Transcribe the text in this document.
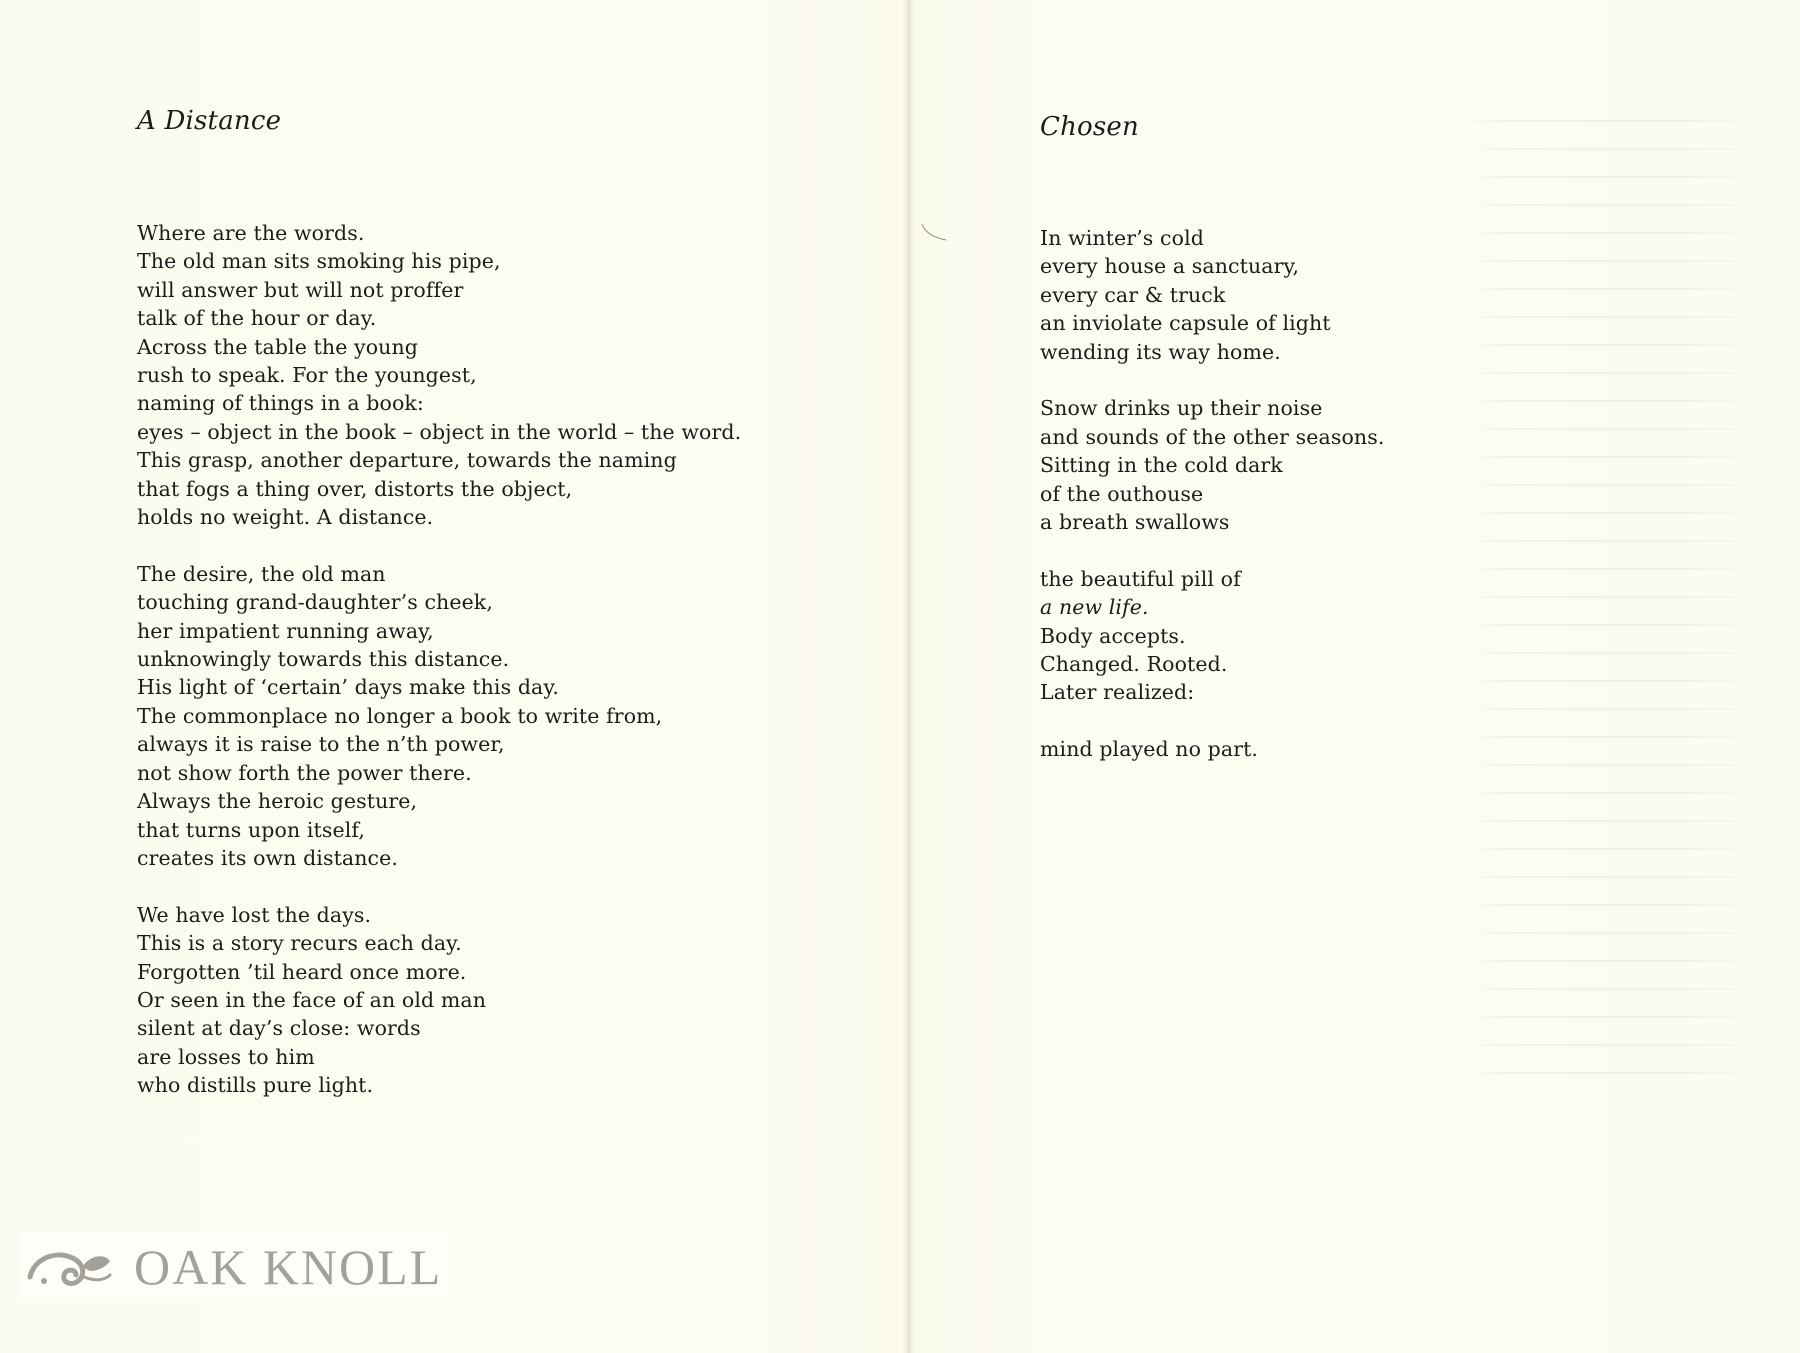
A Distance
Where are the words.
The old man sits smoking his pipe,
will answer but will not proffer
talk of the hour or day.
Across the table the young
rush to speak. For the youngest,
naming of things in a book:
eyes – object in the book – object in the world – the word.
This grasp, another departure, towards the naming
that fogs a thing over, distorts the object,
holds no weight. A distance.
The desire, the old man
touching grand-daughter’s cheek,
her impatient running away,
unknowingly towards this distance.
His light of ‘certain’ days make this day.
The commonplace no longer a book to write from,
always it is raise to the n’th power,
not show forth the power there.
Always the heroic gesture,
that turns upon itself,
creates its own distance.
We have lost the days.
This is a story recurs each day.
Forgotten ’til heard once more.
Or seen in the face of an old man
silent at day’s close: words
are losses to him
who distills pure light.
Chosen
In winter’s cold
every house a sanctuary,
every car & truck
an inviolate capsule of light
wending its way home.
Snow drinks up their noise
and sounds of the other seasons.
Sitting in the cold dark
of the outhouse
a breath swallows
the beautiful pill of
a new life.
Body accepts.
Changed. Rooted.
Later realized:
mind played no part.
OAK KNOLL
